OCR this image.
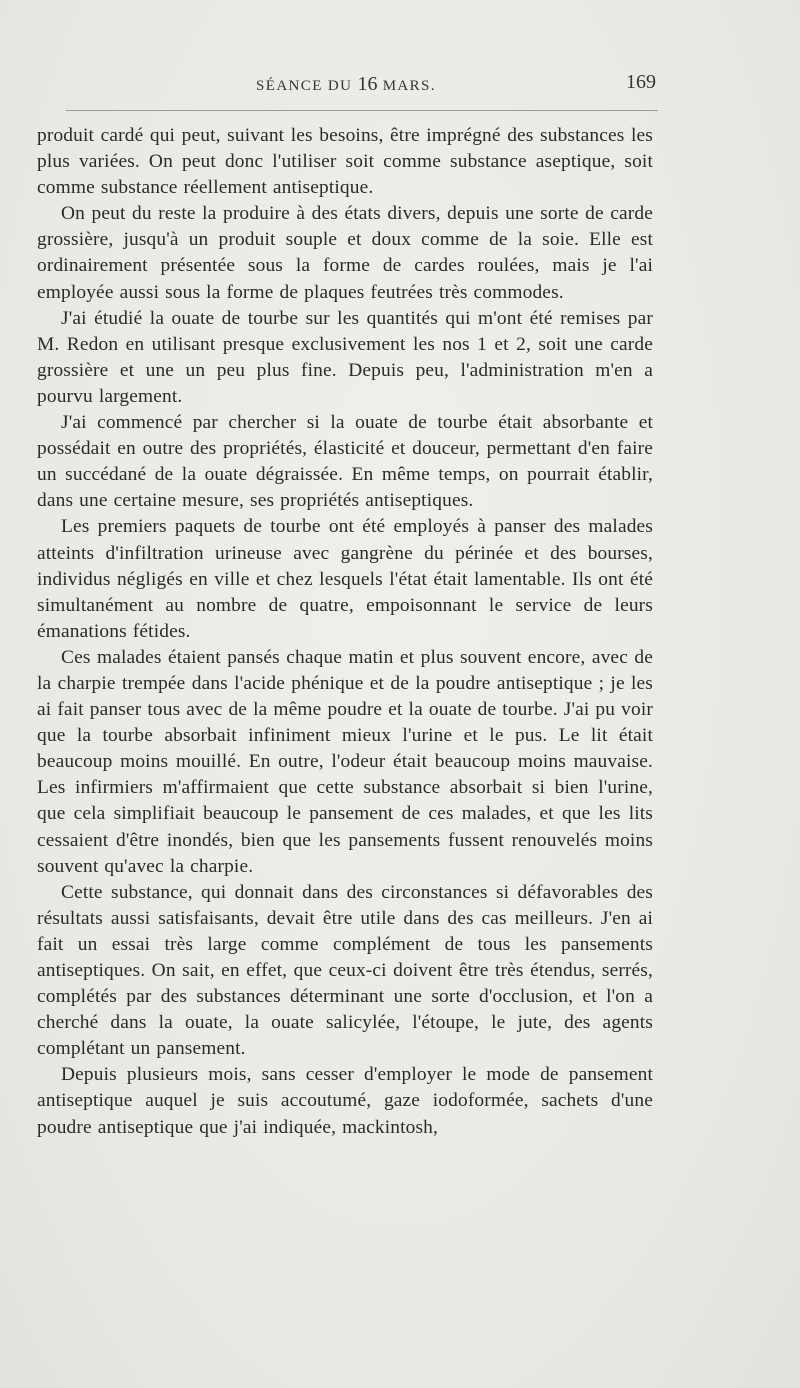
SÉANCE DU 16 MARS.	169

produit cardé qui peut, suivant les besoins, être imprégné des substances les plus variées. On peut donc l'utiliser soit comme substance aseptique, soit comme substance réellement antiseptique.

On peut du reste la produire à des états divers, depuis une sorte de carde grossière, jusqu'à un produit souple et doux comme de la soie. Elle est ordinairement présentée sous la forme de cardes roulées, mais je l'ai employée aussi sous la forme de plaques feutrées très commodes.

J'ai étudié la ouate de tourbe sur les quantités qui m'ont été remises par M. Redon en utilisant presque exclusivement les nos 1 et 2, soit une carde grossière et une un peu plus fine. Depuis peu, l'administration m'en a pourvu largement.

J'ai commencé par chercher si la ouate de tourbe était absorbante et possédait en outre des propriétés, élasticité et douceur, permettant d'en faire un succédané de la ouate dégraissée. En même temps, on pourrait établir, dans une certaine mesure, ses propriétés antiseptiques.

Les premiers paquets de tourbe ont été employés à panser des malades atteints d'infiltration urineuse avec gangrène du périnée et des bourses, individus négligés en ville et chez lesquels l'état était lamentable. Ils ont été simultanément au nombre de quatre, empoisonnant le service de leurs émanations fétides.

Ces malades étaient pansés chaque matin et plus souvent encore, avec de la charpie trempée dans l'acide phénique et de la poudre antiseptique ; je les ai fait panser tous avec de la même poudre et la ouate de tourbe. J'ai pu voir que la tourbe absorbait infiniment mieux l'urine et le pus. Le lit était beaucoup moins mouillé. En outre, l'odeur était beaucoup moins mauvaise. Les infirmiers m'affirmaient que cette substance absorbait si bien l'urine, que cela simplifiait beaucoup le pansement de ces malades, et que les lits cessaient d'être inondés, bien que les pansements fussent renouvelés moins souvent qu'avec la charpie.

Cette substance, qui donnait dans des circonstances si défavorables des résultats aussi satisfaisants, devait être utile dans des cas meilleurs. J'en ai fait un essai très large comme complément de tous les pansements antiseptiques. On sait, en effet, que ceux-ci doivent être très étendus, serrés, complétés par des substances déterminant une sorte d'occlusion, et l'on a cherché dans la ouate, la ouate salicylée, l'étoupe, le jute, des agents complétant un pansement.

Depuis plusieurs mois, sans cesser d'employer le mode de pansement antiseptique auquel je suis accoutumé, gaze iodoformée, sachets d'une poudre antiseptique que j'ai indiquée, mackintosh,
